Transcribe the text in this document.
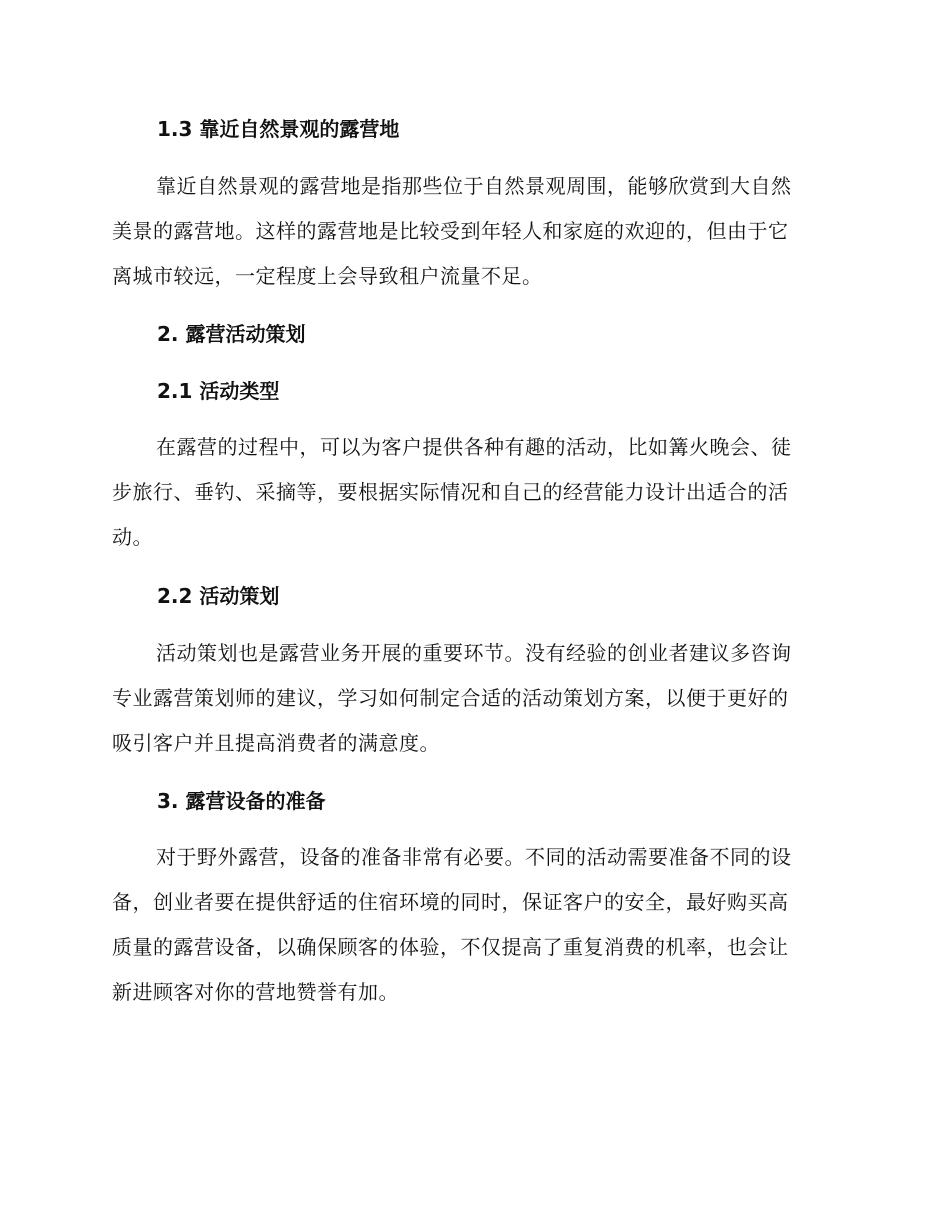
1.3 靠近自然景观的露营地
靠近自然景观的露营地是指那些位于自然景观周围，能够欣赏到大自然
美景的露营地。这样的露营地是比较受到年轻人和家庭的欢迎的，但由于它
离城市较远，一定程度上会导致租户流量不足。
2. 露营活动策划
2.1 活动类型
在露营的过程中，可以为客户提供各种有趣的活动，比如篝火晚会、徒
步旅行、垂钓、采摘等，要根据实际情况和自己的经营能力设计出适合的活
动。
2.2 活动策划
活动策划也是露营业务开展的重要环节。没有经验的创业者建议多咨询
专业露营策划师的建议，学习如何制定合适的活动策划方案，以便于更好的
吸引客户并且提高消费者的满意度。
3. 露营设备的准备
对于野外露营，设备的准备非常有必要。不同的活动需要准备不同的设
备，创业者要在提供舒适的住宿环境的同时，保证客户的安全，最好购买高
质量的露营设备，以确保顾客的体验，不仅提高了重复消费的机率，也会让
新进顾客对你的营地赞誉有加。
